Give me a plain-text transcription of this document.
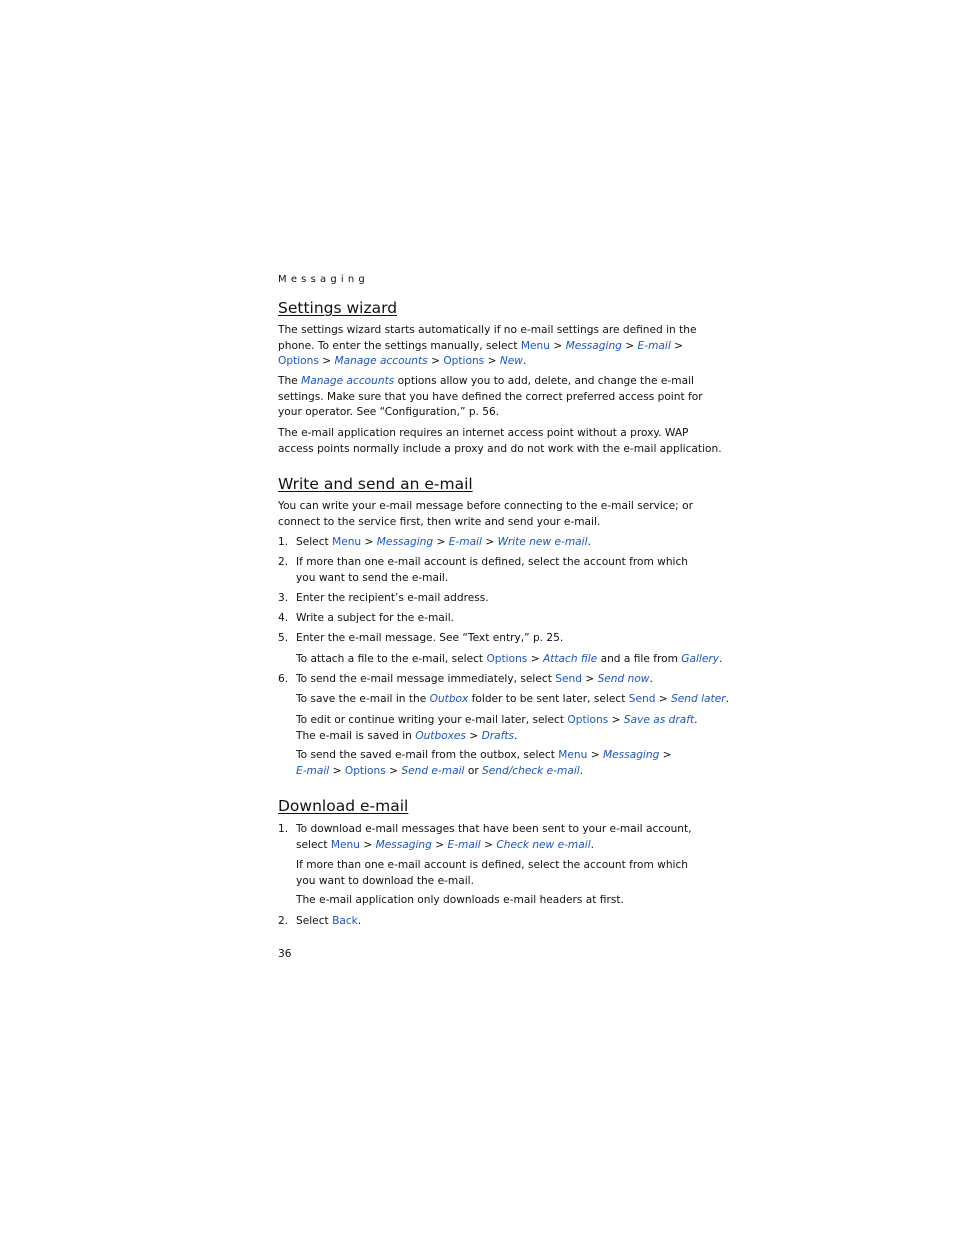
Messaging
Settings wizard
The settings wizard starts automatically if no e-mail settings are defined in the
phone. To enter the settings manually, select Menu > Messaging > E-mail >
Options > Manage accounts > Options > New.
The Manage accounts options allow you to add, delete, and change the e-mail
settings. Make sure that you have defined the correct preferred access point for
your operator. See “Configuration,” p. 56.
The e-mail application requires an internet access point without a proxy. WAP
access points normally include a proxy and do not work with the e-mail application.
Write and send an e-mail
You can write your e-mail message before connecting to the e-mail service; or
connect to the service first, then write and send your e-mail.
1. Select Menu > Messaging > E-mail > Write new e-mail.
2. If more than one e-mail account is defined, select the account from which
you want to send the e-mail.
3. Enter the recipient’s e-mail address.
4. Write a subject for the e-mail.
5. Enter the e-mail message. See “Text entry,” p. 25.
To attach a file to the e-mail, select Options > Attach file and a file from Gallery.
6. To send the e-mail message immediately, select Send > Send now.
To save the e-mail in the Outbox folder to be sent later, select Send > Send later.
To edit or continue writing your e-mail later, select Options > Save as draft.
The e-mail is saved in Outboxes > Drafts.
To send the saved e-mail from the outbox, select Menu > Messaging >
E-mail > Options > Send e-mail or Send/check e-mail.
Download e-mail
1. To download e-mail messages that have been sent to your e-mail account,
select Menu > Messaging > E-mail > Check new e-mail.
If more than one e-mail account is defined, select the account from which
you want to download the e-mail.
The e-mail application only downloads e-mail headers at first.
2. Select Back.
36
